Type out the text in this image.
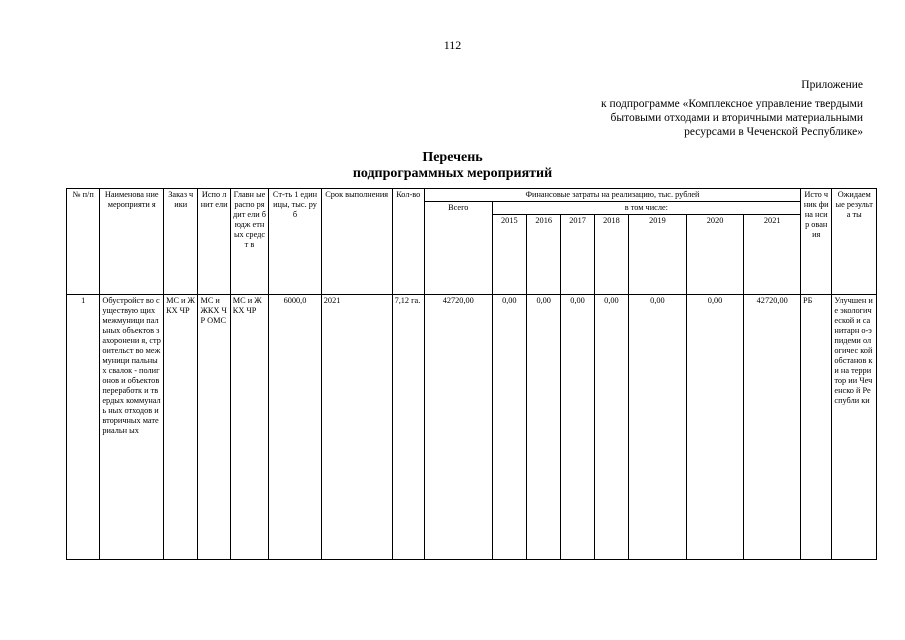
112
Приложение
к подпрограмме «Комплексное управление твердыми
бытовыми отходами и вторичными материальными
ресурсами в Чеченской Республике»
Перечень
подпрограммных мероприятий
№ п/п	Наименова ние мероприяти я	Заказ чики	Испо лнит ели	Главн ые распо рядит ели бюдж етных средст в	Ст-ть 1 единицы, тыс. руб	Срок выполнения	Кол-во	Финансовые затраты на реализацию, тыс. рублей								Исто чник фина нсир ован ия	Ожидаем ые результа ты
								Всего	в том числе:								
									2015	2016	2017	2018	2019	2020	2021		
1	Обустройст во существую щих межмуници пальных объектов захоронени я, строительст во межмуници пальных свалок - полигонов и объектов переработк и твердых коммуналь ных отходов и вторичных материальн ых	МС и ЖКХ ЧР	МС и ЖКХ ЧР ОМС	МС и ЖКХ ЧР	6000,0	2021	7,12 га.	42720,00	0,00	0,00	0,00	0,00	0,00	0,00	42720,00	РБ	Улучшен ие экологич еской и санитарн о-эпидеми ологичес кой обстанов ки на территор ии Чеченско й Республи ки
